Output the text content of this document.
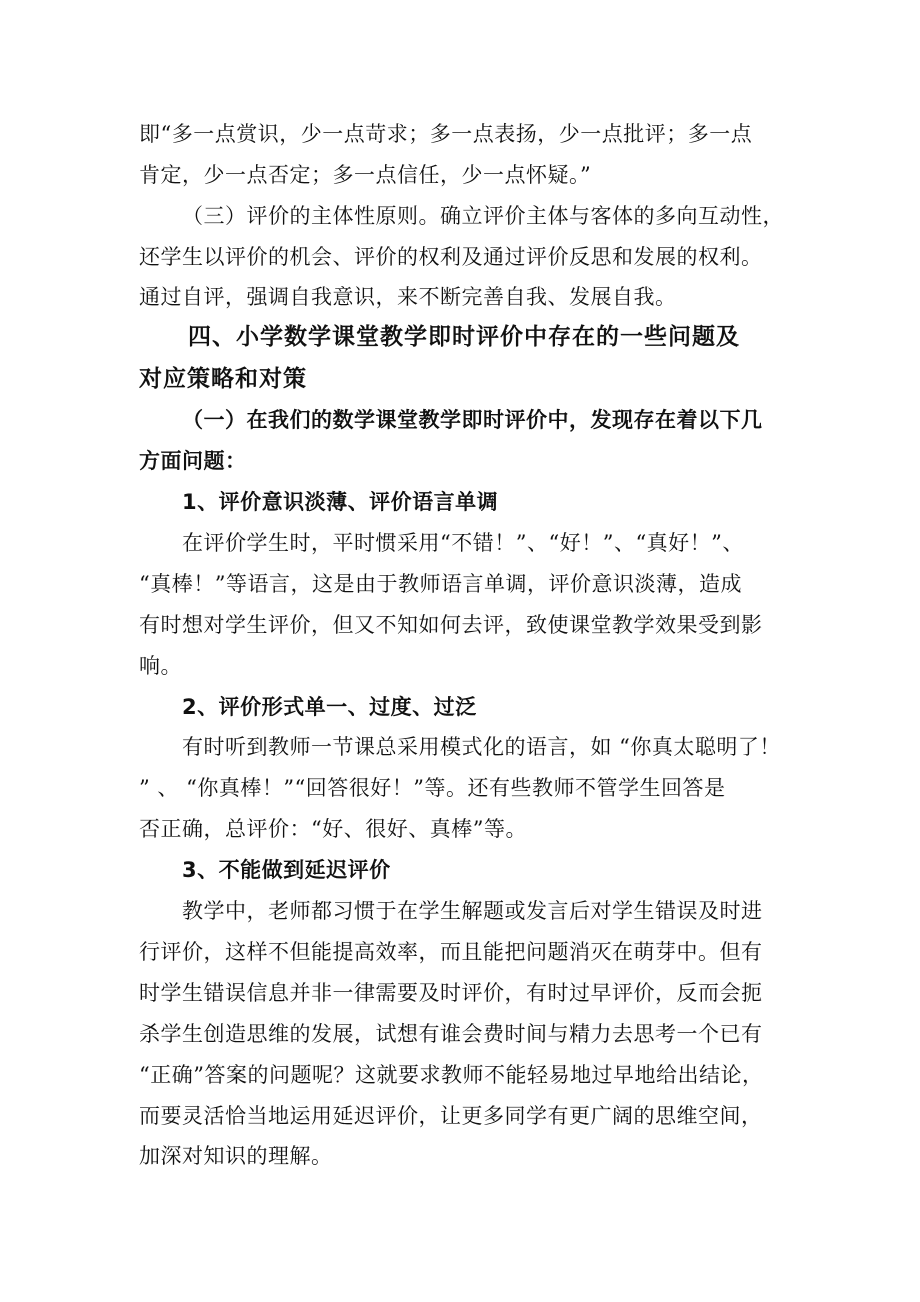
即“多一点赏识，少一点苛求；多一点表扬，少一点批评；多一点
肯定，少一点否定；多一点信任，少一点怀疑。”
（三）评价的主体性原则。确立评价主体与客体的多向互动性，
还学生以评价的机会、评价的权利及通过评价反思和发展的权利。
通过自评，强调自我意识，来不断完善自我、发展自我。
四、小学数学课堂教学即时评价中存在的一些问题及
对应策略和对策
（一）在我们的数学课堂教学即时评价中，发现存在着以下几
方面问题：
1、评价意识淡薄、评价语言单调
在评价学生时，平时惯采用“不错！”、“好！”、“真好！”、
“真棒！”等语言，这是由于教师语言单调，评价意识淡薄，造成
有时想对学生评价，但又不知如何去评，致使课堂教学效果受到影
响。
2、评价形式单一、过度、过泛
有时听到教师一节课总采用模式化的语言，如 “你真太聪明了！
” 、 “你真棒！”“回答很好！”等。还有些教师不管学生回答是
否正确，总评价：“好、很好、真棒”等。
3、不能做到延迟评价
教学中，老师都习惯于在学生解题或发言后对学生错误及时进
行评价，这样不但能提高效率，而且能把问题消灭在萌芽中。但有
时学生错误信息并非一律需要及时评价，有时过早评价，反而会扼
杀学生创造思维的发展，试想有谁会费时间与精力去思考一个已有
“正确”答案的问题呢？这就要求教师不能轻易地过早地给出结论，
而要灵活恰当地运用延迟评价，让更多同学有更广阔的思维空间，
加深对知识的理解。
